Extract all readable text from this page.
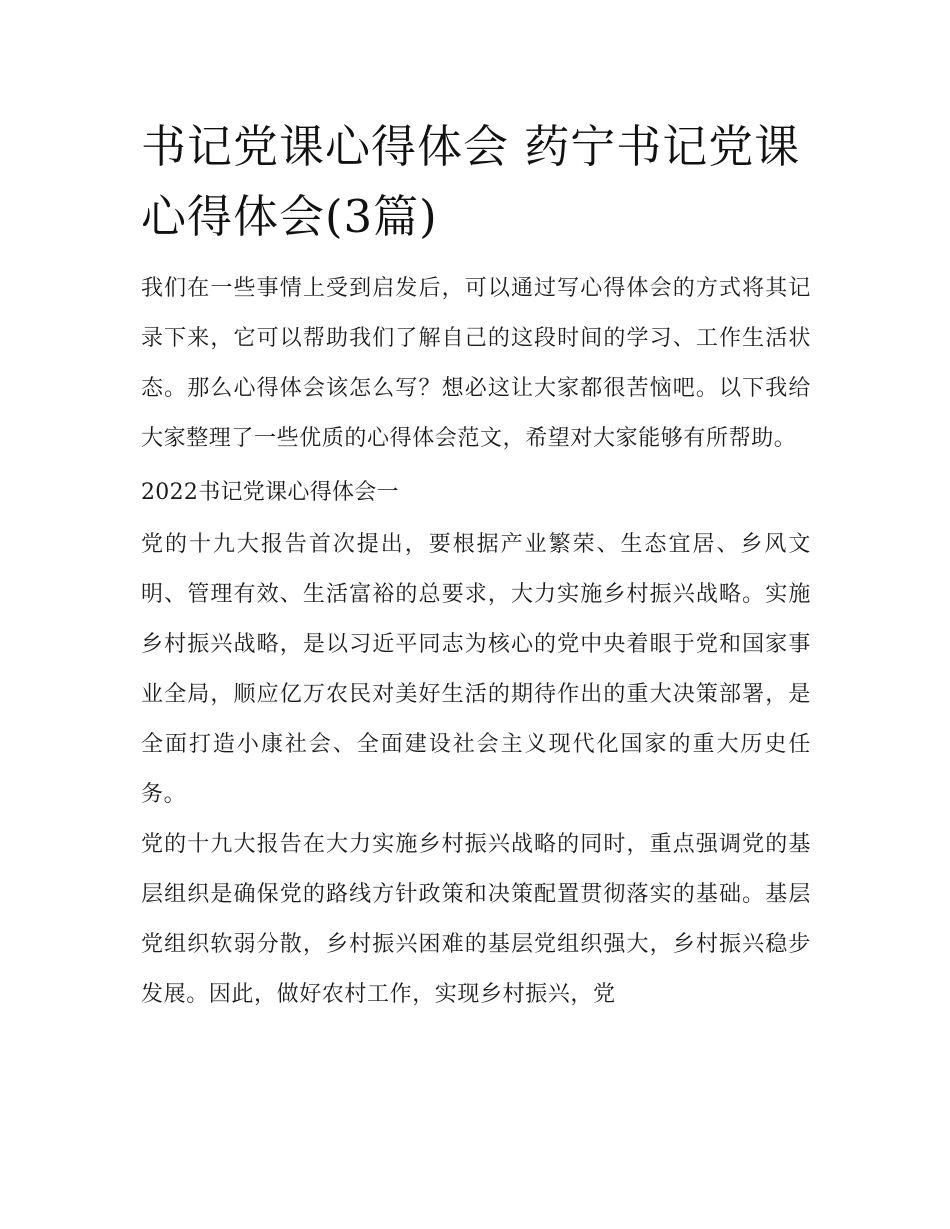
书记党课心得体会 药宁书记党课心得体会(3篇)

我们在一些事情上受到启发后，可以通过写心得体会的方式将其记录下来，它可以帮助我们了解自己的这段时间的学习、工作生活状态。那么心得体会该怎么写？想必这让大家都很苦恼吧。以下我给大家整理了一些优质的心得体会范文，希望对大家能够有所帮助。

2022书记党课心得体会一

党的十九大报告首次提出，要根据产业繁荣、生态宜居、乡风文明、管理有效、生活富裕的总要求，大力实施乡村振兴战略。实施乡村振兴战略，是以习近平同志为核心的党中央着眼于党和国家事业全局，顺应亿万农民对美好生活的期待作出的重大决策部署，是全面打造小康社会、全面建设社会主义现代化国家的重大历史任务。

党的十九大报告在大力实施乡村振兴战略的同时，重点强调党的基层组织是确保党的路线方针政策和决策配置贯彻落实的基础。基层党组织软弱分散，乡村振兴困难的基层党组织强大，乡村振兴稳步发展。因此，做好农村工作，实现乡村振兴，党
